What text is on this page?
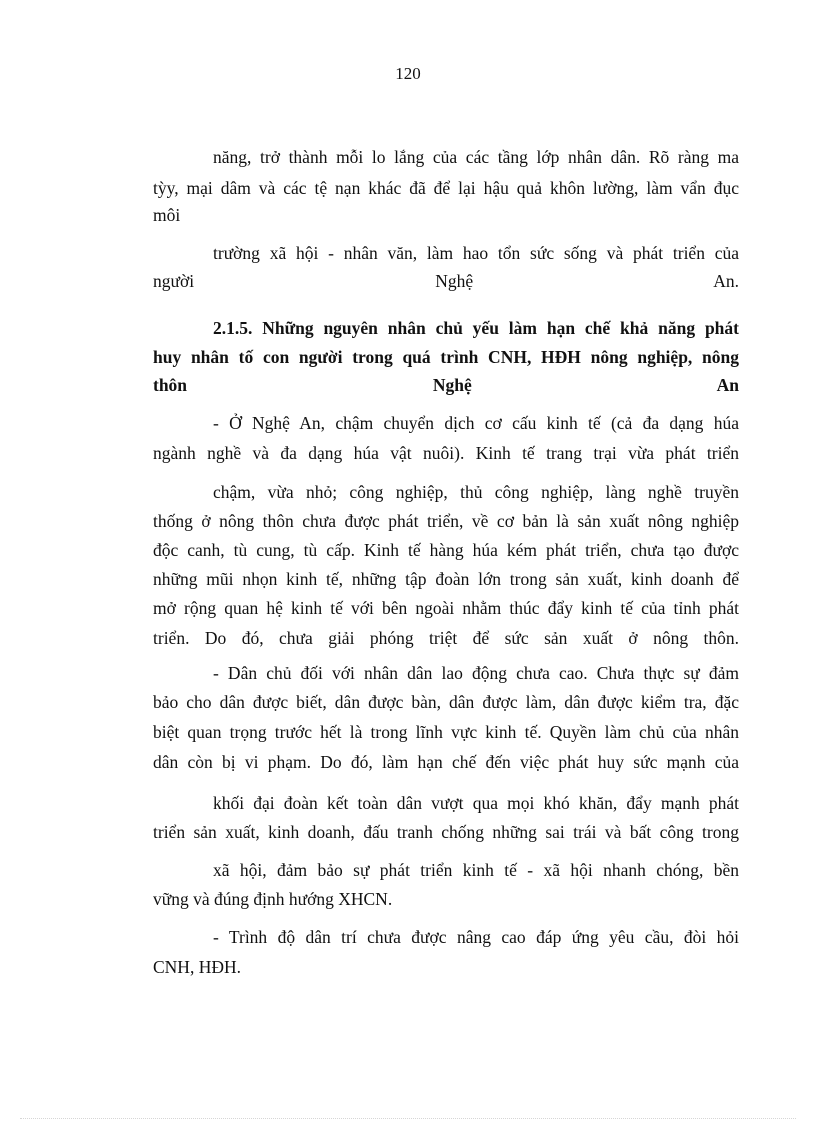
120
năng, trở thành mỗi lo lắng của các tầng lớp nhân dân. Rõ ràng ma
tỳy, mại dâm và các tệ nạn khác đã để lại hậu quả khôn lường, làm vẩn đục
môi
trường xã hội - nhân văn, làm hao tổn sức sống và phát triển của
người Nghệ An.
2.1.5. Những nguyên nhân chủ yếu làm hạn chế khả năng phát
huy nhân tố con người trong quá trình CNH, HĐH nông nghiệp, nông
thôn Nghệ An
- Ở Nghệ An, chậm chuyển dịch cơ cấu kinh tế (cả đa dạng húa
ngành nghề và đa dạng húa vật nuôi). Kinh tế trang trại vừa phát triển
chậm, vừa nhỏ; công nghiệp, thủ công nghiệp, làng nghề truyền
thống ở nông thôn chưa được phát triển, về cơ bản là sản xuất nông nghiệp
độc canh, tù cung, tù cấp. Kinh tế hàng húa kém phát triển, chưa tạo được
những mũi nhọn kinh tế, những tập đoàn lớn trong sản xuất, kinh doanh để
mở rộng quan hệ kinh tế với bên ngoài nhằm thúc đẩy kinh tế của tỉnh phát
triển. Do đó, chưa giải phóng triệt để sức sản xuất ở nông thôn.
- Dân chủ đối với nhân dân lao động chưa cao. Chưa thực sự đảm
bảo cho dân được biết, dân được bàn, dân được làm, dân được kiểm tra, đặc
biệt quan trọng trước hết là trong lĩnh vực kinh tế. Quyền làm chủ của nhân
dân còn bị vi phạm. Do đó, làm hạn chế đến việc phát huy sức mạnh của
khối đại đoàn kết toàn dân vượt qua mọi khó khăn, đẩy mạnh phát
triển sản xuất, kinh doanh, đấu tranh chống những sai trái và bất công trong
xã hội, đảm bảo sự phát triển kinh tế - xã hội nhanh chóng, bền
vững và đúng định hướng XHCN.
- Trình độ dân trí chưa được nâng cao đáp ứng yêu cầu, đòi hỏi
CNH, HĐH.
